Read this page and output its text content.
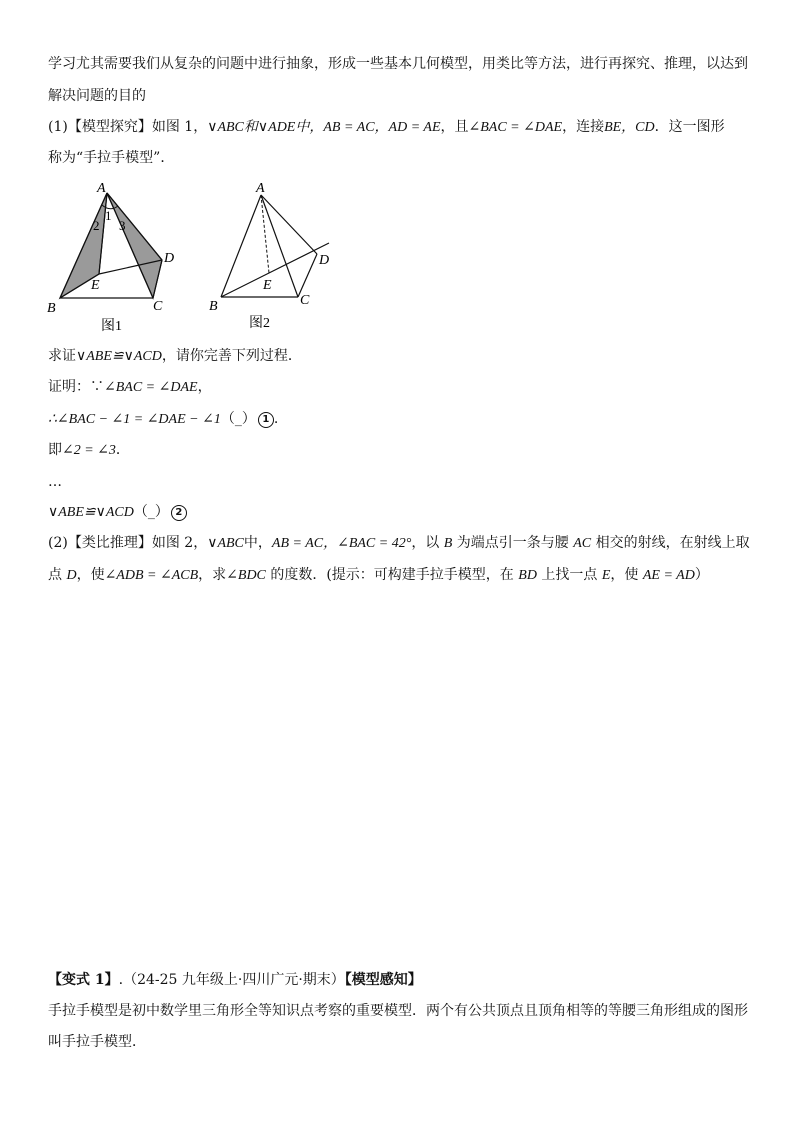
学习尤其需要我们从复杂的问题中进行抽象，形成一些基本几何模型，用类比等方法，进行再探究、推理，以达到
解决问题的目的
(1)【模型探究】如图 1，∨ABC和∨ADE中，AB = AC，AD = AE，且∠BAC = ∠DAE，连接BE，CD．这一图形
称为“手拉手模型”．
A
B	C
D
E
1
2 3
图1
A
B	C
D
E
图2
求证∨ABE≌∨ACD，请你完善下列过程．
证明：∵∠BAC = ∠DAE，
∴∠BAC − ∠1 = ∠DAE − ∠1（_） 1 .
即∠2 = ∠3．
…
∨ABE≌∨ACD（_） 2
(2)【类比推理】如图 2，∨ABC中，AB = AC，∠BAC = 42°，以 B 为端点引一条与腰 AC 相交的射线，在射线上取
点 D，使∠ADB = ∠ACB，求∠BDC 的度数．(提示：可构建手拉手模型，在 BD 上找一点 E，使 AE = AD）
【变式 1】.（24-25 九年级上·四川广元·期末）【模型感知】
手拉手模型是初中数学里三角形全等知识点考察的重要模型．两个有公共顶点且顶角相等的等腰三角形组成的图形
叫手拉手模型．
